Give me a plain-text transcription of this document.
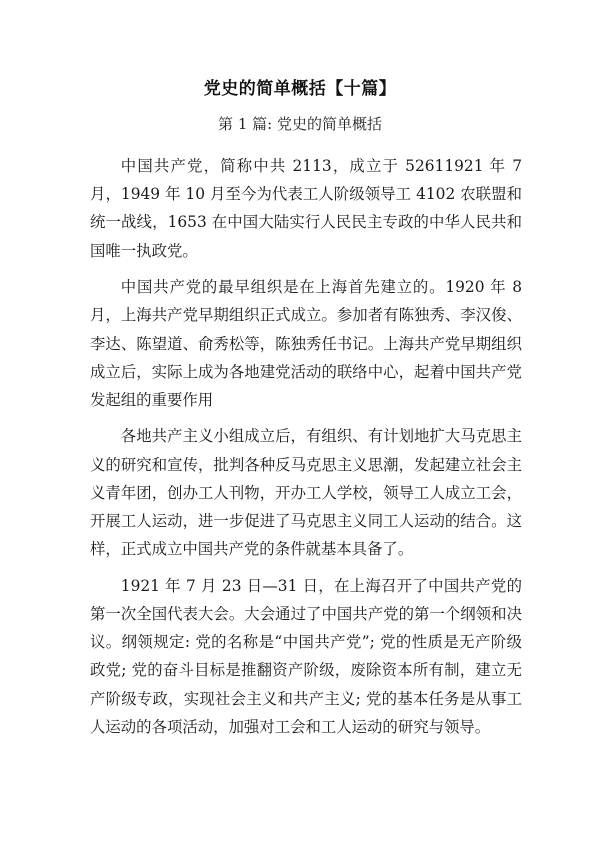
党史的简单概括【十篇】
第 1 篇: 党史的简单概括

中国共产党，简称中共 2113，成立于 52611921 年 7 月，1949 年 10 月至今为代表工人阶级领导工 4102 农联盟和统一战线，1653 在中国大陆实行人民民主专政的中华人民共和国唯一执政党。

中国共产党的最早组织是在上海首先建立的。1920 年 8 月，上海共产党早期组织正式成立。参加者有陈独秀、李汉俊、李达、陈望道、俞秀松等，陈独秀任书记。上海共产党早期组织成立后，实际上成为各地建党活动的联络中心，起着中国共产党发起组的重要作用

各地共产主义小组成立后，有组织、有计划地扩大马克思主义的研究和宣传，批判各种反马克思主义思潮，发起建立社会主义青年团，创办工人刊物，开办工人学校，领导工人成立工会，开展工人运动，进一步促进了马克思主义同工人运动的结合。这样，正式成立中国共产党的条件就基本具备了。

1921 年 7 月 23 日—31 日，在上海召开了中国共产党的第一次全国代表大会。大会通过了中国共产党的第一个纲领和决议。纲领规定: 党的名称是“中国共产党”; 党的性质是无产阶级政党; 党的奋斗目标是推翻资产阶级，废除资本所有制，建立无产阶级专政，实现社会主义和共产主义; 党的基本任务是从事工人运动的各项活动，加强对工会和工人运动的研究与领导。
